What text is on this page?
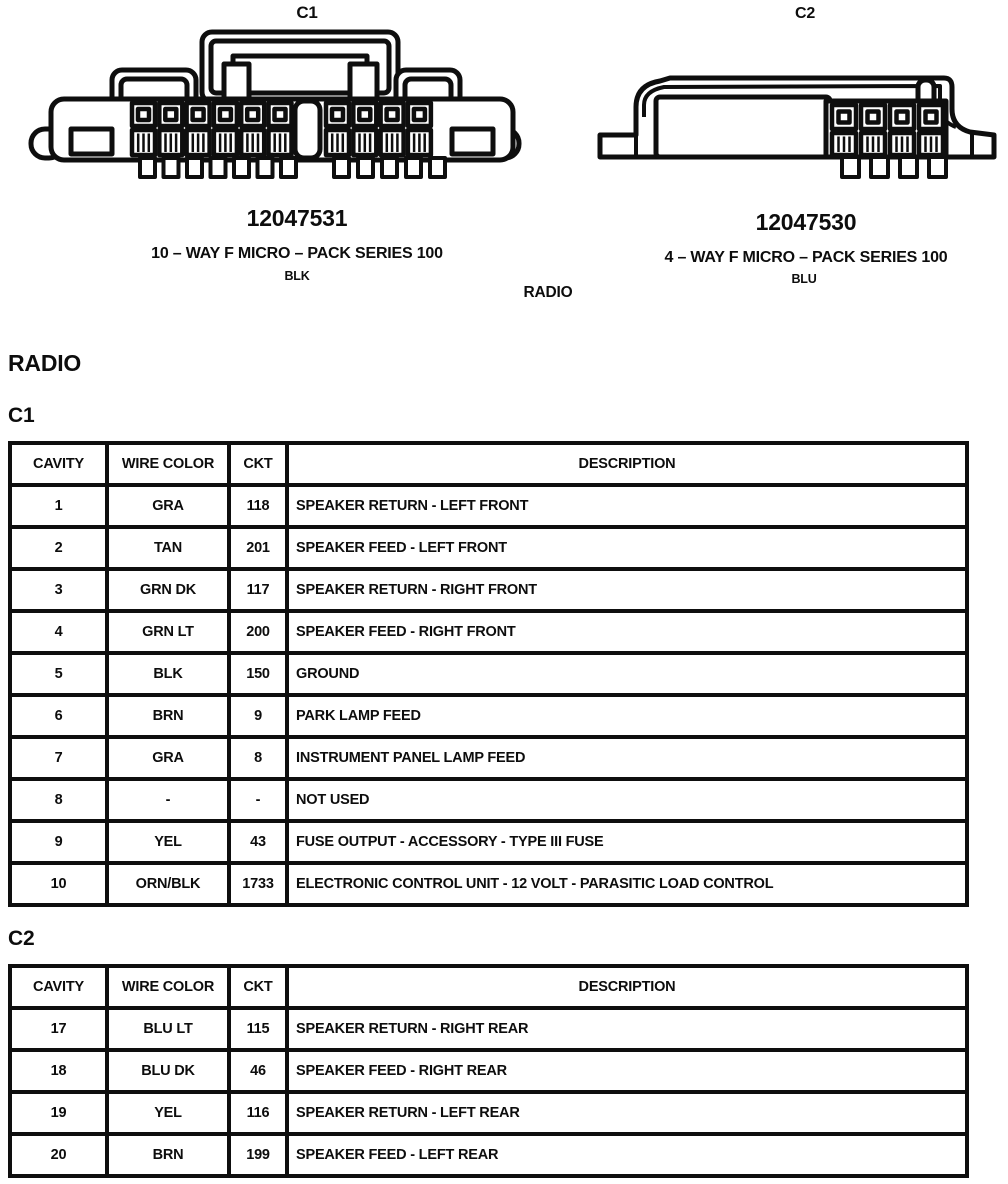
C1	C2
12047531
10 – WAY F MICRO – PACK SERIES 100
BLK
12047530
4 – WAY F MICRO – PACK SERIES 100
BLU
RADIO
RADIO
C1
C2
CAVITY	WIRE COLOR	CKT	DESCRIPTION
1	GRA	118	SPEAKER RETURN - LEFT FRONT
2	TAN	201	SPEAKER FEED - LEFT FRONT
3	GRN DK	117	SPEAKER RETURN - RIGHT FRONT
4	GRN LT	200	SPEAKER FEED - RIGHT FRONT
5	BLK	150	GROUND
6	BRN	9	PARK LAMP FEED
7	GRA	8	INSTRUMENT PANEL LAMP FEED
8	-	-	NOT USED
9	YEL	43	FUSE OUTPUT - ACCESSORY - TYPE III FUSE
10	ORN/BLK	1733	ELECTRONIC CONTROL UNIT - 12 VOLT - PARASITIC LOAD CONTROL
CAVITY	WIRE COLOR	CKT	DESCRIPTION
17	BLU LT	115	SPEAKER RETURN - RIGHT REAR
18	BLU DK	46	SPEAKER FEED - RIGHT REAR
19	YEL	116	SPEAKER RETURN - LEFT REAR
20	BRN	199	SPEAKER FEED - LEFT REAR
